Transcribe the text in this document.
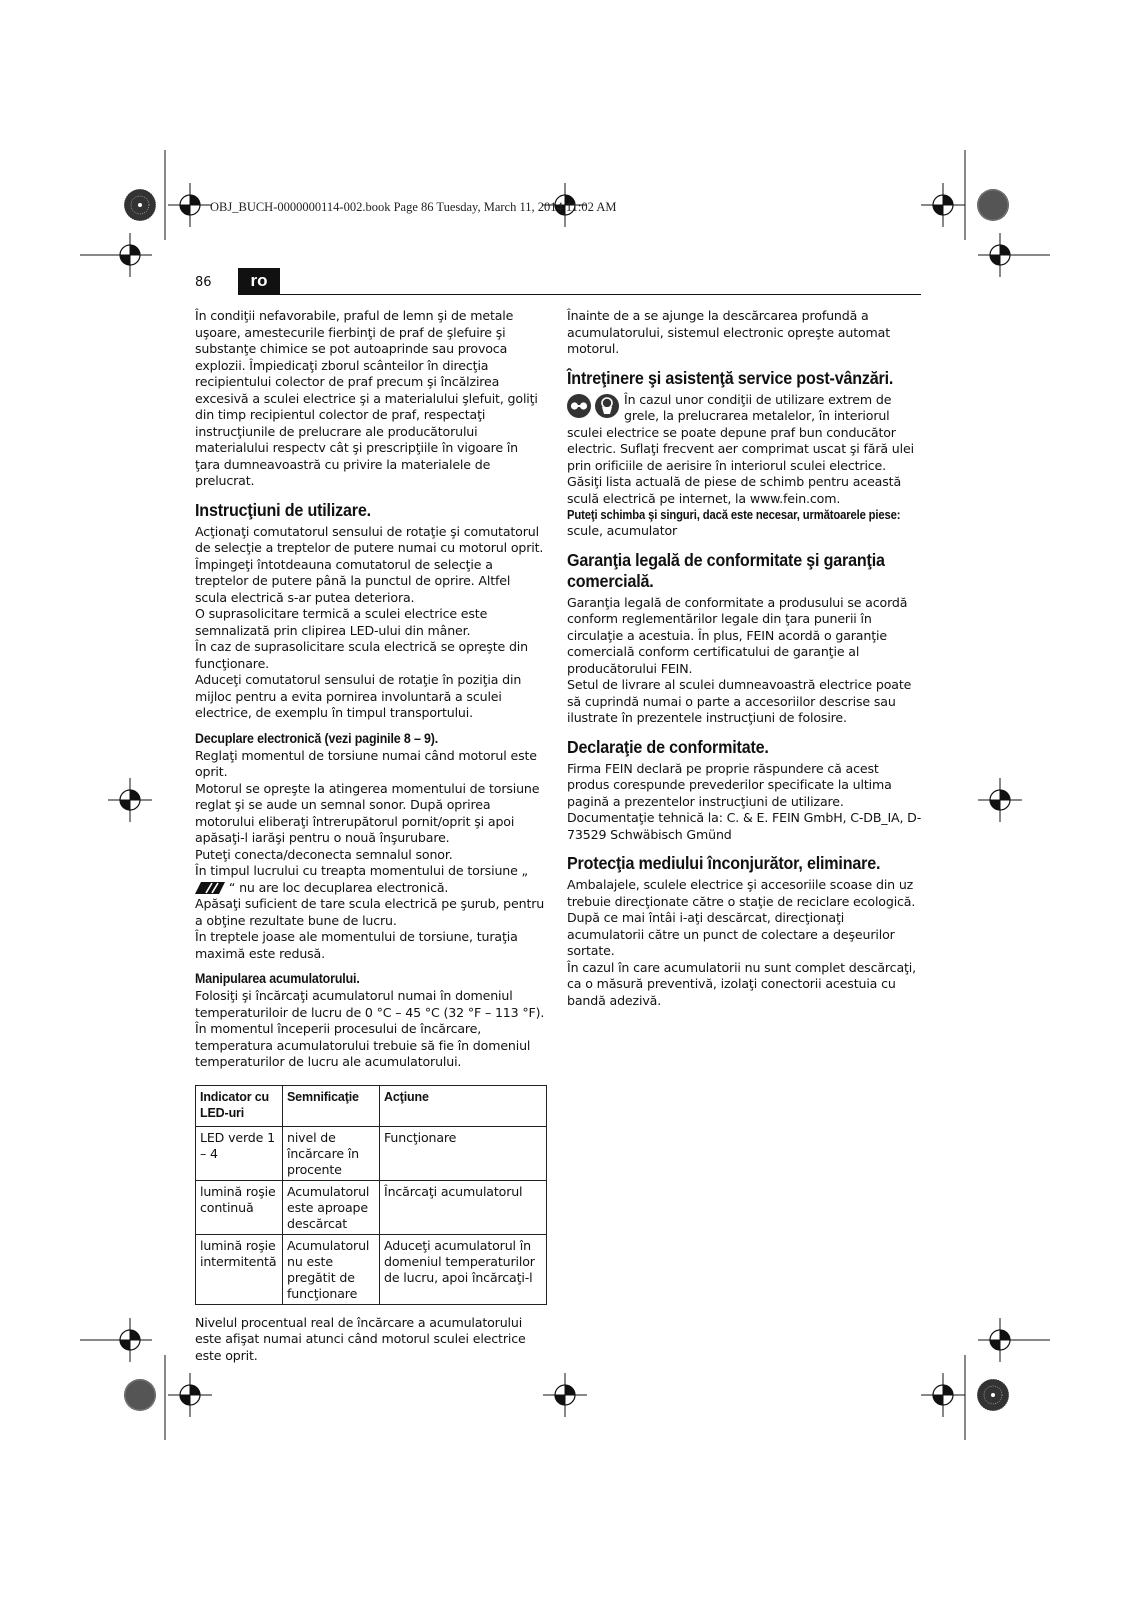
OBJ_BUCH-0000000114-002.book Page 86 Tuesday, March 11, 2014 11:02 AM
86	ro

În condiţii nefavorabile, praful de lemn şi de metale uşoare, amestecurile fierbinţi de praf de şlefuire şi substanţe chimice se pot autoaprinde sau provoca explozii. Împiedicaţi zborul scânteilor în direcţia recipientului colector de praf precum şi încălzirea excesivă a sculei electrice şi a materialului şlefuit, goliţi din timp recipientul colector de praf, respectaţi instrucţiunile de prelucrare ale producătorului materialului respectv cât şi prescripţiile în vigoare în ţara dumneavoastră cu privire la materialele de prelucrat.

Instrucţiuni de utilizare.

Acţionaţi comutatorul sensului de rotaţie şi comutatorul de selecţie a treptelor de putere numai cu motorul oprit.

Împingeţi întotdeauna comutatorul de selecţie a treptelor de putere până la punctul de oprire. Altfel scula electrică s-ar putea deteriora.

O suprasolicitare termică a sculei electrice este semnalizată prin clipirea LED-ului din mâner.

În caz de suprasolicitare scula electrică se opreşte din funcţionare.

Aduceţi comutatorul sensului de rotaţie în poziţia din mijloc pentru a evita pornirea involuntară a sculei electrice, de exemplu în timpul transportului.

Decuplare electronică (vezi paginile 8 – 9).

Reglaţi momentul de torsiune numai când motorul este oprit.

Motorul se opreşte la atingerea momentului de torsiune reglat şi se aude un semnal sonor. După oprirea motorului eliberaţi întrerupătorul pornit/oprit şi apoi apăsaţi-l iarăşi pentru o nouă înşurubare.

Puteţi conecta/deconecta semnalul sonor.

În timpul lucrului cu treapta momentului de torsiune „ “ nu are loc decuplarea electronică.

Apăsaţi suficient de tare scula electrică pe şurub, pentru a obţine rezultate bune de lucru.

În treptele joase ale momentului de torsiune, turaţia maximă este redusă.

Manipularea acumulatorului.

Folosiţi şi încărcaţi acumulatorul numai în domeniul temperaturiloir de lucru de 0 °C – 45 °C (32 °F – 113 °F). În momentul începerii procesului de încărcare, temperatura acumulatorului trebuie să fie în domeniul temperaturilor de lucru ale acumulatorului.

Indicator cu LED-uri	Semnificaţie	Acţiune
LED verde 1 – 4	nivel de încărcare în procente	Funcţionare
lumină roşie continuă	Acumulatorul este aproape descărcat	Încărcaţi acumulatorul
lumină roşie intermitentă	Acumulatorul nu este pregătit de funcţionare	Aduceţi acumulatorul în domeniul temperaturilor de lucru, apoi încărcaţi-l

Nivelul procentual real de încărcare a acumulatorului este afişat numai atunci când motorul sculei electrice este oprit.

Înainte de a se ajunge la descărcarea profundă a acumulatorului, sistemul electronic opreşte automat motorul.

Întreţinere şi asistenţă service post-vânzări.

În cazul unor condiţii de utilizare extrem de grele, la prelucrarea metalelor, în interiorul sculei electrice se poate depune praf bun conducător electric. Suflaţi frecvent aer comprimat uscat şi fără ulei prin orificiile de aerisire în interiorul sculei electrice.

Găsiţi lista actuală de piese de schimb pentru această sculă electrică pe internet, la www.fein.com.

Puteţi schimba şi singuri, dacă este necesar, următoarele piese:

scule, acumulator

Garanţia legală de conformitate şi garanţia comercială.

Garanţia legală de conformitate a produsului se acordă conform reglementărilor legale din ţara punerii în circulaţie a acestuia. În plus, FEIN acordă o garanţie comercială conform certificatului de garanţie al producătorului FEIN.

Setul de livrare al sculei dumneavoastră electrice poate să cuprindă numai o parte a accesoriilor descrise sau ilustrate în prezentele instrucţiuni de folosire.

Declaraţie de conformitate.

Firma FEIN declară pe proprie răspundere că acest produs corespunde prevederilor specificate la ultima pagină a prezentelor instrucţiuni de utilizare.

Documentaţie tehnică la: C. & E. FEIN GmbH, C-DB_IA, D-73529 Schwäbisch Gmünd

Protecţia mediului înconjurător, eliminare.

Ambalajele, sculele electrice şi accesoriile scoase din uz trebuie direcţionate către o staţie de reciclare ecologică.

După ce mai întâi i-aţi descărcat, direcţionaţi acumulatorii către un punct de colectare a deşeurilor sortate.

În cazul în care acumulatorii nu sunt complet descărcaţi, ca o măsură preventivă, izolaţi conectorii acestuia cu bandă adezivă.
